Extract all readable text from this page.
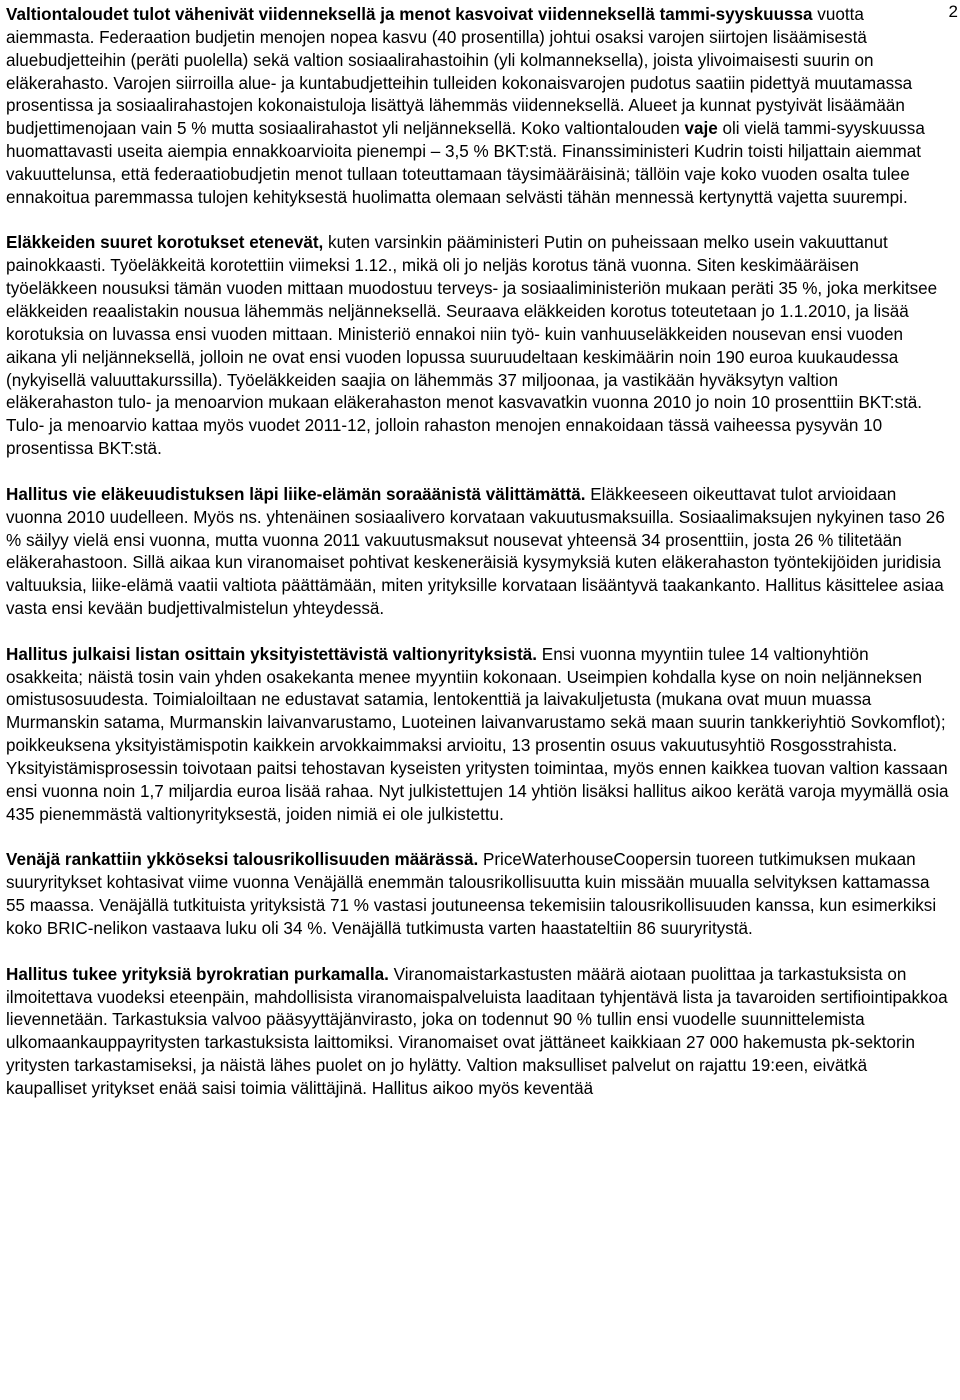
2

Valtiontaloudet tulot vähenivät viidenneksellä ja menot kasvoivat viidenneksellä tammi-syyskuussa vuotta aiemmasta. Federaation budjetin menojen nopea kasvu (40 prosentilla) johtui osaksi varojen siirtojen lisäämisestä aluebudjetteihin (peräti puolella) sekä valtion sosiaalirahastoihin (yli kolmanneksella), joista ylivoimaisesti suurin on eläkerahasto. Varojen siirroilla alue- ja kuntabudjetteihin tulleiden kokonaisvarojen pudotus saatiin pidettyä muutamassa prosentissa ja sosiaalirahastojen kokonaistuloja lisättyä lähemmäs viidenneksellä. Alueet ja kunnat pystyivät lisäämään budjettimenojaan vain 5 % mutta sosiaalirahastot yli neljänneksellä. Koko valtiontalouden vaje oli vielä tammi-syyskuussa huomattavasti useita aiempia ennakkoarvioita pienempi – 3,5 % BKT:stä. Finanssiministeri Kudrin toisti hiljattain aiemmat vakuuttelunsa, että federaatiobudjetin menot tullaan toteuttamaan täysimääräisinä; tällöin vaje koko vuoden osalta tulee ennakoitua paremmassa tulojen kehityksestä huolimatta olemaan selvästi tähän mennessä kertynyttä vajetta suurempi.

Eläkkeiden suuret korotukset etenevät, kuten varsinkin pääministeri Putin on puheissaan melko usein vakuuttanut painokkaasti. Työeläkkeitä korotettiin viimeksi 1.12., mikä oli jo neljäs korotus tänä vuonna. Siten keskimääräisen työeläkkeen nousuksi tämän vuoden mittaan muodostuu terveys- ja sosiaaliministeriön mukaan peräti 35 %, joka merkitsee eläkkeiden reaalistakin nousua lähemmäs neljänneksellä. Seuraava eläkkeiden korotus toteutetaan jo 1.1.2010, ja lisää korotuksia on luvassa ensi vuoden mittaan. Ministeriö ennakoi niin työ- kuin vanhuuseläkkeiden nousevan ensi vuoden aikana yli neljänneksellä, jolloin ne ovat ensi vuoden lopussa suuruudeltaan keskimäärin noin 190 euroa kuukaudessa (nykyisellä valuuttakurssilla). Työeläkkeiden saajia on lähemmäs 37 miljoonaa, ja vastikään hyväksytyn valtion eläkerahaston tulo- ja menoarvion mukaan eläkerahaston menot kasvavatkin vuonna 2010 jo noin 10 prosenttiin BKT:stä. Tulo- ja menoarvio kattaa myös vuodet 2011-12, jolloin rahaston menojen ennakoidaan tässä vaiheessa pysyvän 10 prosentissa BKT:stä.

Hallitus vie eläkeuudistuksen läpi liike-elämän soraäänistä välittämättä. Eläkkeeseen oikeuttavat tulot arvioidaan vuonna 2010 uudelleen. Myös ns. yhtenäinen sosiaalivero korvataan vakuutusmaksuilla. Sosiaalimaksujen nykyinen taso 26 % säilyy vielä ensi vuonna, mutta vuonna 2011 vakuutusmaksut nousevat yhteensä 34 prosenttiin, josta 26 % tilitetään eläkerahastoon. Sillä aikaa kun viranomaiset pohtivat keskeneräisiä kysymyksiä kuten eläkerahaston työntekijöiden juridisia valtuuksia, liike-elämä vaatii valtiota päättämään, miten yrityksille korvataan lisääntyvä taakankanto. Hallitus käsittelee asiaa vasta ensi kevään budjettivalmistelun yhteydessä.

Hallitus julkaisi listan osittain yksityistettävistä valtionyrityksistä. Ensi vuonna myyntiin tulee 14 valtionyhtiön osakkeita; näistä tosin vain yhden osakekanta menee myyntiin kokonaan. Useimpien kohdalla kyse on noin neljänneksen omistusosuudesta. Toimialoiltaan ne edustavat satamia, lentokenttiä ja laivakuljetusta (mukana ovat muun muassa Murmanskin satama, Murmanskin laivanvarustamo, Luoteinen laivanvarustamo sekä maan suurin tankkeriyhtiö Sovkomflot); poikkeuksena yksityistämispotin kaikkein arvokkaimmaksi arvioitu, 13 prosentin osuus vakuutusyhtiö Rosgosstrahista. Yksityistämisprosessin toivotaan paitsi tehostavan kyseisten yritysten toimintaa, myös ennen kaikkea tuovan valtion kassaan ensi vuonna noin 1,7 miljardia euroa lisää rahaa. Nyt julkistettujen 14 yhtiön lisäksi hallitus aikoo kerätä varoja myymällä osia 435 pienemmästä valtionyrityksestä, joiden nimiä ei ole julkistettu.

Venäjä rankattiin ykköseksi talousrikollisuuden määrässä. PriceWaterhouseCoopersin tuoreen tutkimuksen mukaan suuryritykset kohtasivat viime vuonna Venäjällä enemmän talousrikollisuutta kuin missään muualla selvityksen kattamassa 55 maassa. Venäjällä tutkituista yrityksistä 71 % vastasi joutuneensa tekemisiin talousrikollisuuden kanssa, kun esimerkiksi koko BRIC-nelikon vastaava luku oli 34 %. Venäjällä tutkimusta varten haastateltiin 86 suuryritystä.

Hallitus tukee yrityksiä byrokratian purkamalla. Viranomaistarkastusten määrä aiotaan puolittaa ja tarkastuksista on ilmoitettava vuodeksi eteenpäin, mahdollisista viranomaispalveluista laaditaan tyhjentävä lista ja tavaroiden sertifiointipakkoa lievennetään. Tarkastuksia valvoo pääsyyttäjänvirasto, joka on todennut 90 % tullin ensi vuodelle suunnittelemista ulkomaankauppayritysten tarkastuksista laittomiksi. Viranomaiset ovat jättäneet kaikkiaan 27 000 hakemusta pk-sektorin yritysten tarkastamiseksi, ja näistä lähes puolet on jo hylätty. Valtion maksulliset palvelut on rajattu 19:een, eivätkä kaupalliset yritykset enää saisi toimia välittäjinä. Hallitus aikoo myös keventää
